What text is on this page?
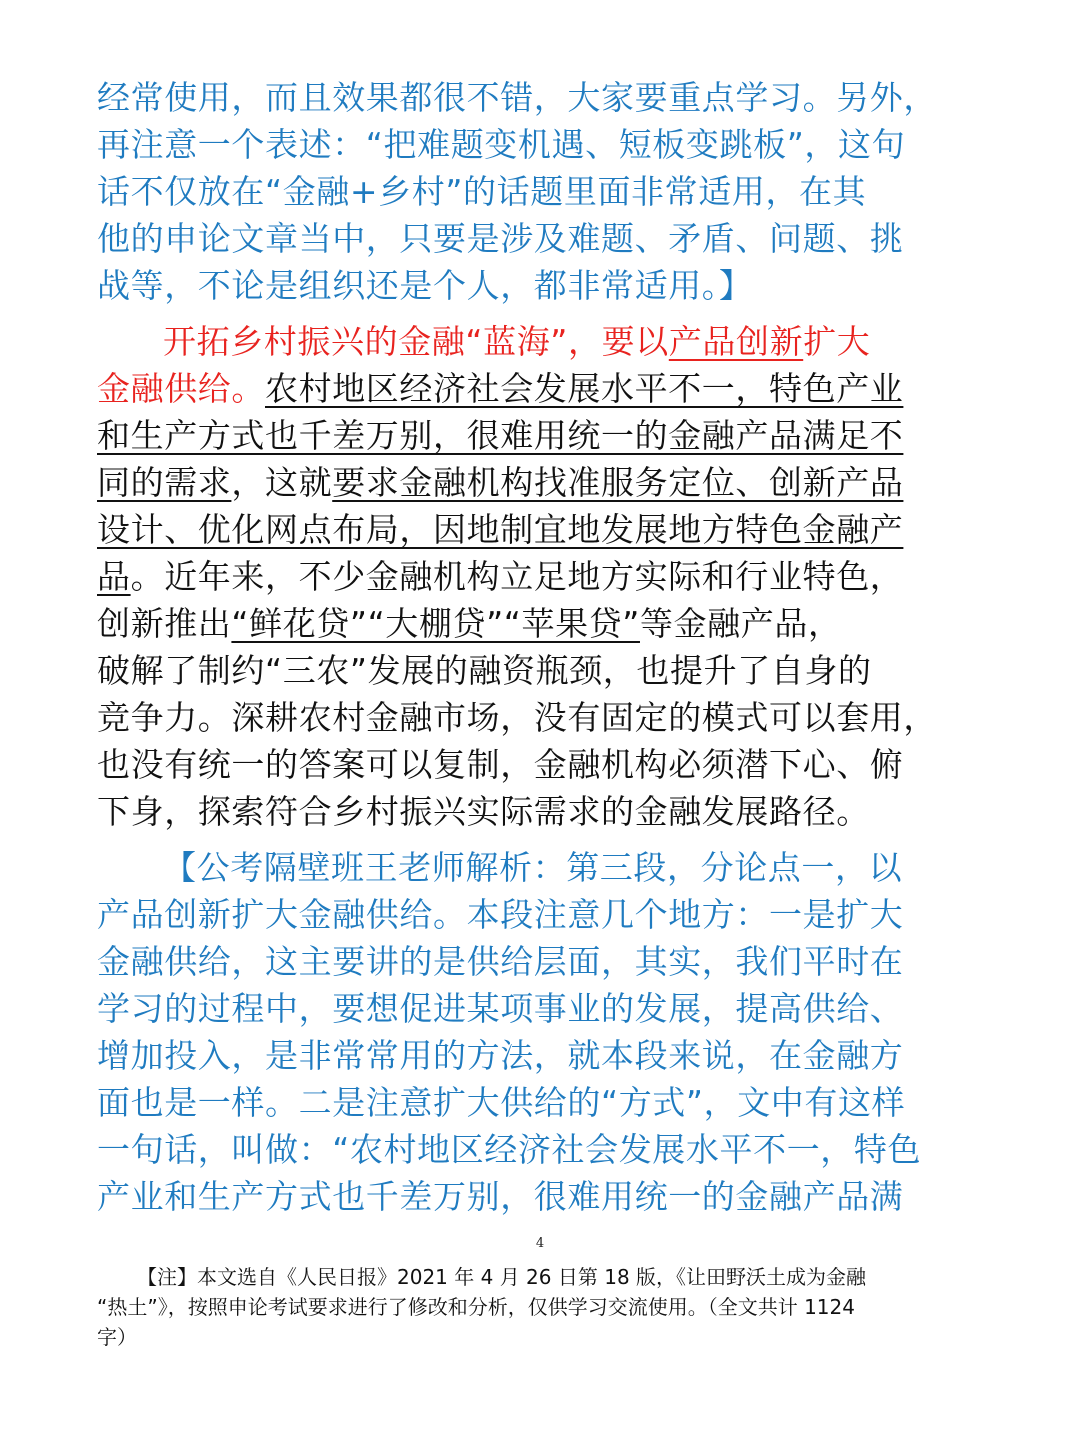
经常使用，而且效果都很不错，大家要重点学习。另外，
再注意一个表述：“把难题变机遇、短板变跳板”，这句
话不仅放在“金融+乡村”的话题里面非常适用，在其
他的申论文章当中，只要是涉及难题、矛盾、问题、挑
战等，不论是组织还是个人，都非常适用。】
开拓乡村振兴的金融“蓝海”，要以产品创新扩大
金融供给。农村地区经济社会发展水平不一，特色产业
和生产方式也千差万别，很难用统一的金融产品满足不
同的需求，这就要求金融机构找准服务定位、创新产品
设计、优化网点布局，因地制宜地发展地方特色金融产
品。近年来，不少金融机构立足地方实际和行业特色，
创新推出“鲜花贷”“大棚贷”“苹果贷”等金融产品，
破解了制约“三农”发展的融资瓶颈，也提升了自身的
竞争力。深耕农村金融市场，没有固定的模式可以套用，
也没有统一的答案可以复制，金融机构必须潜下心、俯
下身，探索符合乡村振兴实际需求的金融发展路径。
【公考隔壁班王老师解析：第三段，分论点一，以
产品创新扩大金融供给。本段注意几个地方：一是扩大
金融供给，这主要讲的是供给层面，其实，我们平时在
学习的过程中，要想促进某项事业的发展，提高供给、
增加投入，是非常常用的方法，就本段来说，在金融方
面也是一样。二是注意扩大供给的“方式”，文中有这样
一句话，叫做：“农村地区经济社会发展水平不一，特色
产业和生产方式也千差万别，很难用统一的金融产品满
4
【注】本文选自《人民日报》2021 年 4 月 26 日第 18 版，《让田野沃土成为金融
“热土”》，按照申论考试要求进行了修改和分析，仅供学习交流使用。（全文共计 1124
字）
